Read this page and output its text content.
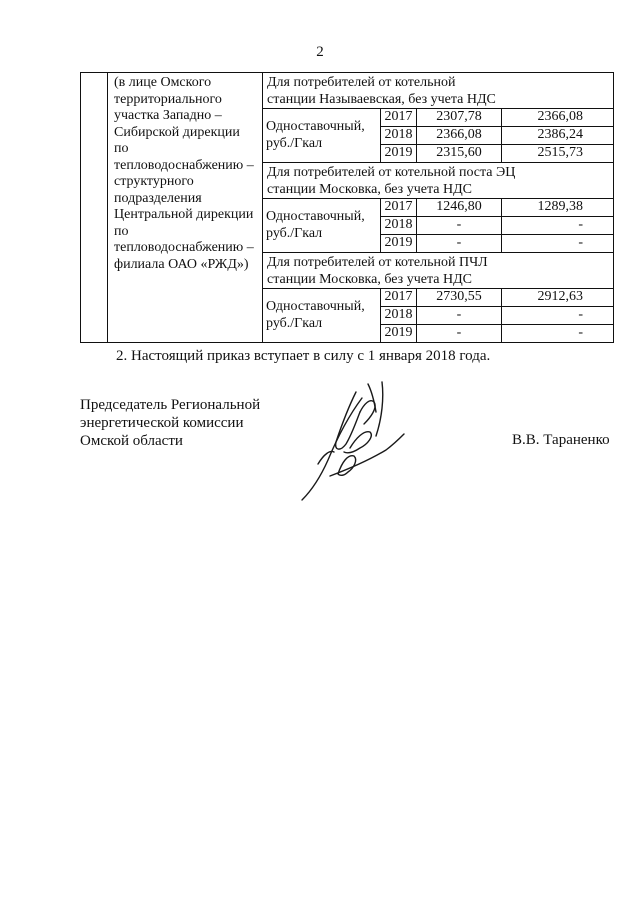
2
	(в лице Омского территориального участка Западно – Сибирской дирекции по тепловодоснабжению – структурного подразделения Центральной дирекции по тепловодоснабжению – филиала ОАО «РЖД»)	Для потребителей от котельной
станции Называевская, без учета НДС			

		Одноставочный,
руб./Гкал	2017	2307,78	2366,08
			2018	2366,08	2386,24
			2019	2315,60	2515,73

		Для потребителей от котельной поста ЭЦ
станции Московка, без учета НДС			

		Одноставочный,
руб./Гкал	2017	1246,80	1289,38
			2018	-	-
			2019	-	-

		Для потребителей от котельной ПЧЛ
станции Московка, без учета НДС			

		Одноставочный,
руб./Гкал	2017	2730,55	2912,63
			2018	-	-
			2019	-	-
2. Настоящий приказ вступает в силу с 1 января 2018 года.
Председатель Региональной
энергетической комиссии
Омской области	В.В. Тараненко
